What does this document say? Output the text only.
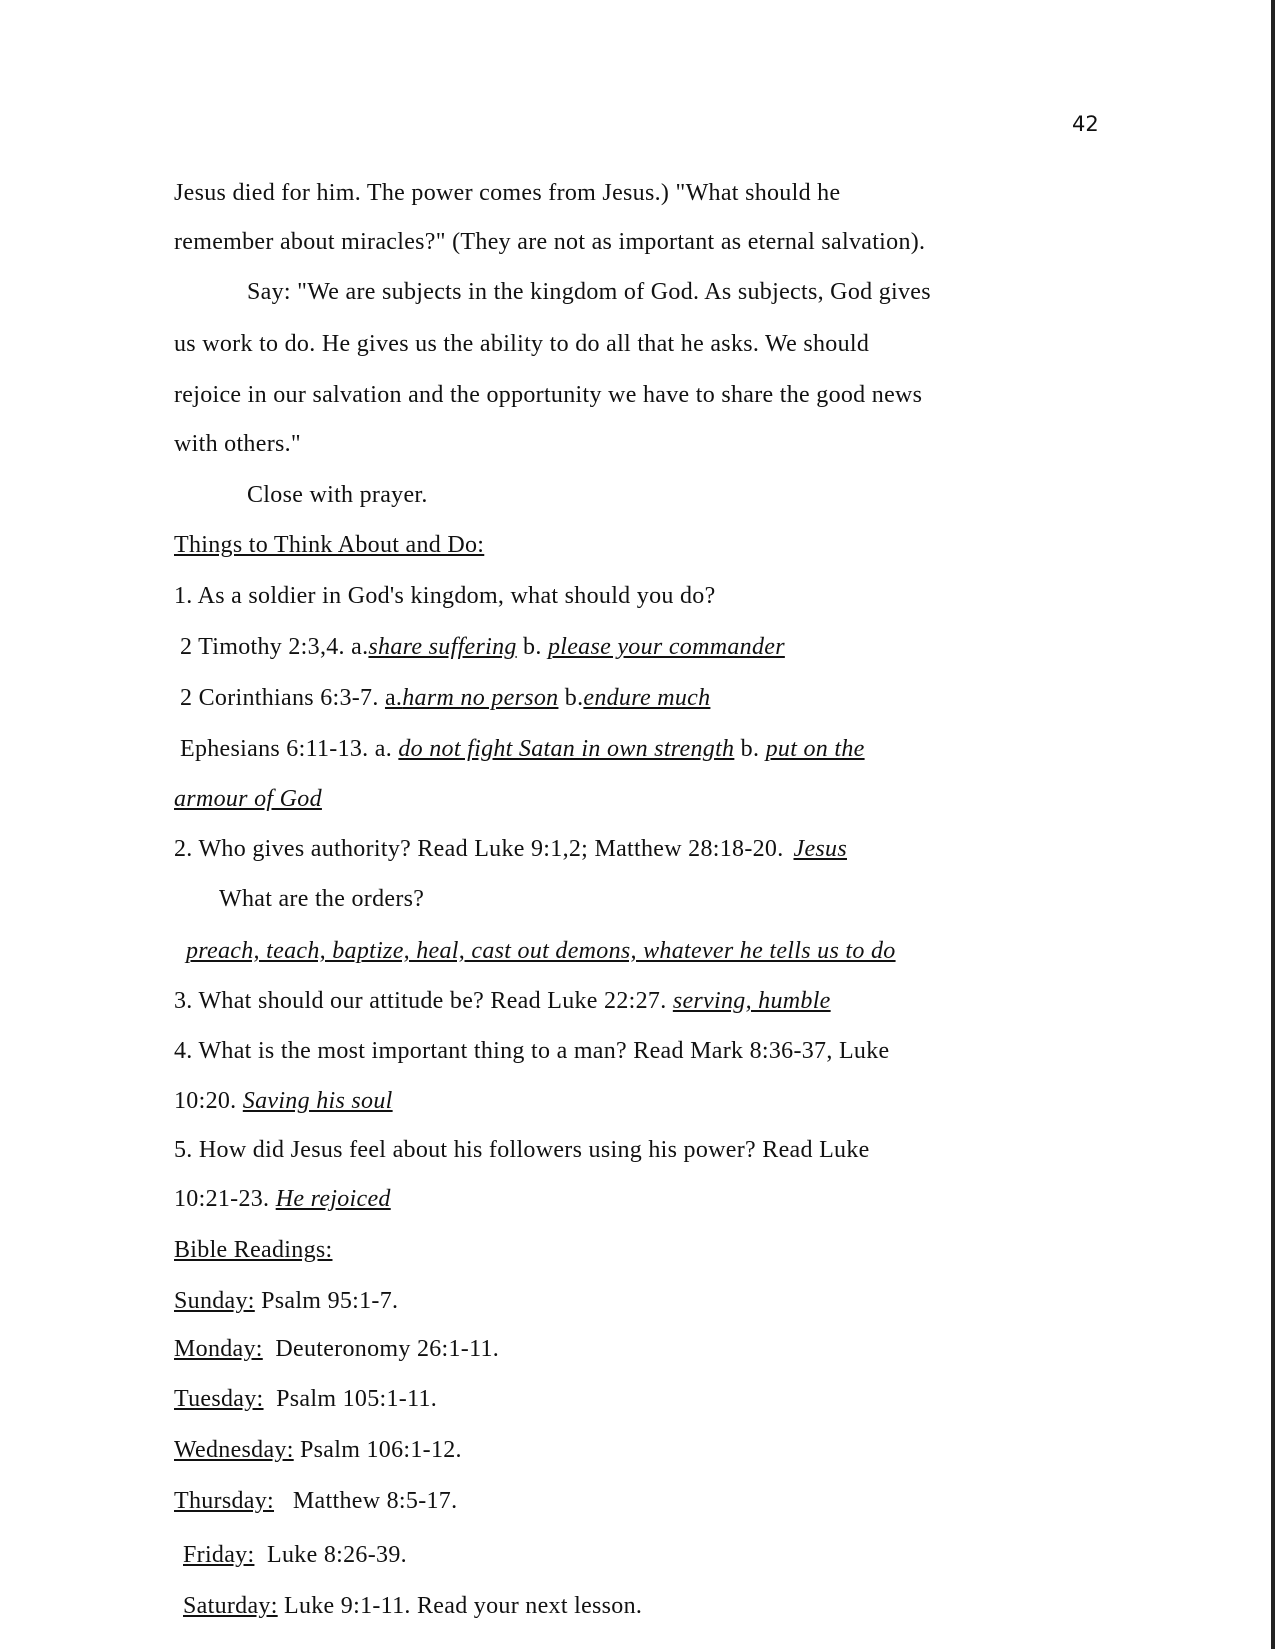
42
Jesus died for him. The power comes from Jesus.) "What should he
remember about miracles?" (They are not as important as eternal salvation).
Say: "We are subjects in the kingdom of God. As subjects, God gives
us work to do. He gives us the ability to do all that he asks. We should
rejoice in our salvation and the opportunity we have to share the good news
with others."
Close with prayer.
Things to Think About and Do:
1. As a soldier in God's kingdom, what should you do?
2 Timothy 2:3,4. a.share suffering b. please your commander
2 Corinthians 6:3-7. a.harm no person b.endure much
Ephesians 6:11-13. a. do not fight Satan in own strength b. put on the
armour of God
2. Who gives authority? Read Luke 9:1,2; Matthew 28:18-20. Jesus
What are the orders?
preach, teach, baptize, heal, cast out demons, whatever he tells us to do
3. What should our attitude be? Read Luke 22:27. serving, humble
4. What is the most important thing to a man? Read Mark 8:36-37, Luke
10:20. Saving his soul
5. How did Jesus feel about his followers using his power? Read Luke
10:21-23. He rejoiced
Bible Readings:
Sunday: Psalm 95:1-7.
Monday: Deuteronomy 26:1-11.
Tuesday: Psalm 105:1-11.
Wednesday: Psalm 106:1-12.
Thursday: Matthew 8:5-17.
Friday: Luke 8:26-39.
Saturday: Luke 9:1-11. Read your next lesson.
